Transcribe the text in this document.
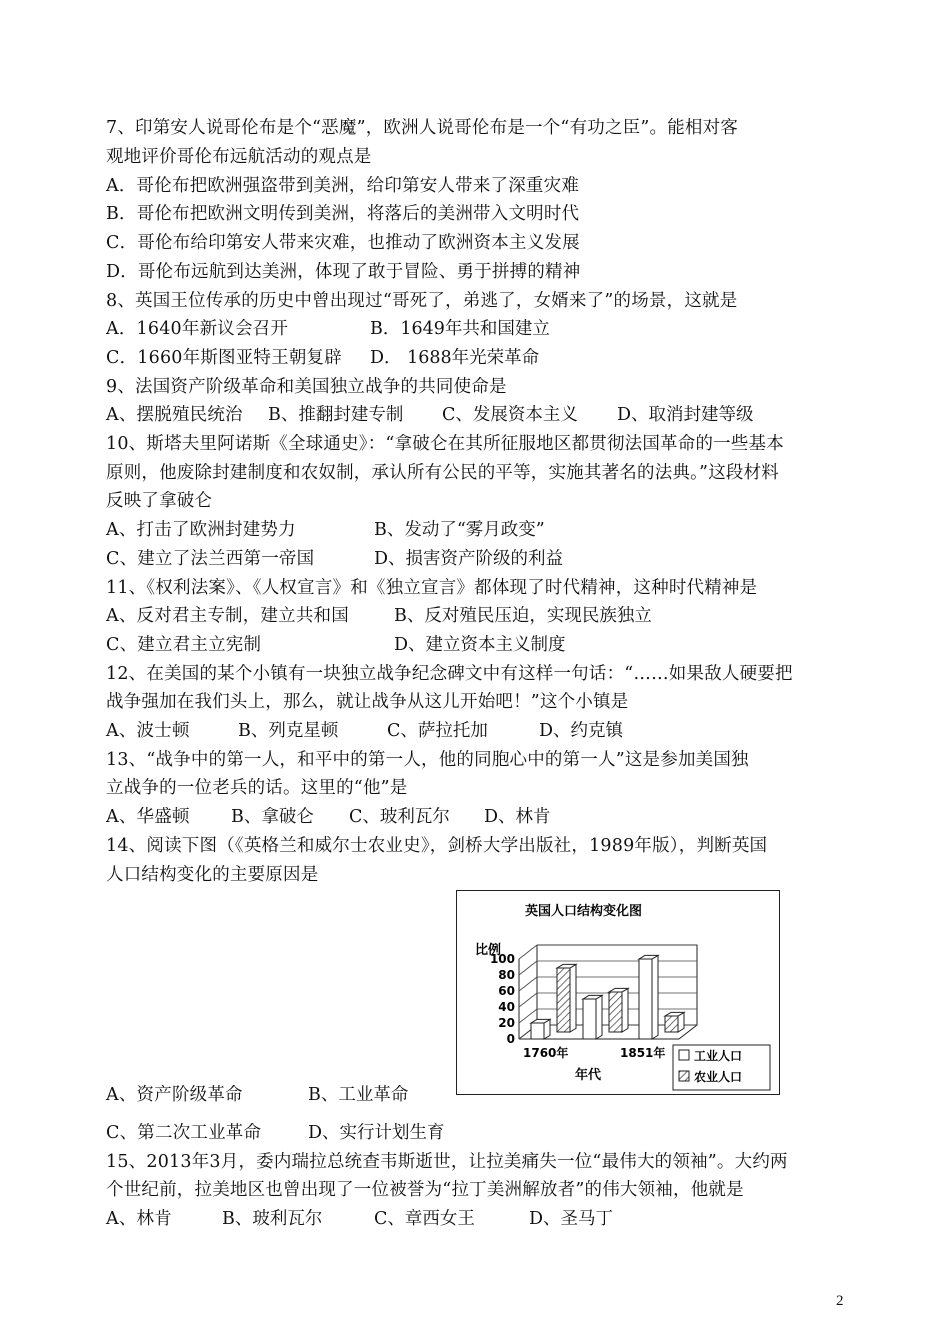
7、印第安人说哥伦布是个“恶魔”，欧洲人说哥伦布是一个“有功之臣”。能相对客
观地评价哥伦布远航活动的观点是
A．哥伦布把欧洲强盗带到美洲，给印第安人带来了深重灾难
B．哥伦布把欧洲文明传到美洲，将落后的美洲带入文明时代
C．哥伦布给印第安人带来灾难，也推动了欧洲资本主义发展
D．哥伦布远航到达美洲，体现了敢于冒险、勇于拼搏的精神
8、英国王位传承的历史中曾出现过“哥死了，弟逃了，女婿来了”的场景，这就是
A．1640年新议会召开	B．1649年共和国建立
C．1660年斯图亚特王朝复辟 D． 1688年光荣革命
9、法国资产阶级革命和美国独立战争的共同使命是
A、摆脱殖民统治 B、推翻封建专制 C、发展资本主义 D、取消封建等级
10、斯塔夫里阿诺斯《全球通史》：“拿破仑在其所征服地区都贯彻法国革命的一些基本
原则，他废除封建制度和农奴制，承认所有公民的平等，实施其著名的法典。”这段材料
反映了拿破仑
A、打击了欧洲封建势力	B、发动了“雾月政变”
C、建立了法兰西第一帝国	D、损害资产阶级的利益
11、《权利法案》、《人权宣言》和《独立宣言》都体现了时代精神，这种时代精神是
A、反对君主专制，建立共和国	B、反对殖民压迫，实现民族独立
C、建立君主立宪制	D、建立资本主义制度
12、在美国的某个小镇有一块独立战争纪念碑文中有这样一句话：“……如果敌人硬要把
战争强加在我们头上，那么，就让战争从这儿开始吧！”这个小镇是
A、波士顿	B、列克星顿	C、萨拉托加	D、约克镇
13、“战争中的第一人，和平中的第一人，他的同胞心中的第一人”这是参加美国独
立战争的一位老兵的话。这里的“他”是
A、华盛顿 B、拿破仑 C、玻利瓦尔 D、林肯
14、阅读下图（《英格兰和威尔士农业史》，剑桥大学出版社，1989年版），判断英国
人口结构变化的主要原因是
英国人口结构变化图
比例
0
20
40
60
80
100
1760年	1851年
年代
工业人口
农业人口
A、资产阶级革命	B、工业革命
C、第二次工业革命	D、实行计划生育
15、2013年3月，委内瑞拉总统查韦斯逝世，让拉美痛失一位“最伟大的领袖”。大约两
个世纪前，拉美地区也曾出现了一位被誉为“拉丁美洲解放者”的伟大领袖，他就是
A、林肯	B、玻利瓦尔	C、章西女王	D、圣马丁
2
